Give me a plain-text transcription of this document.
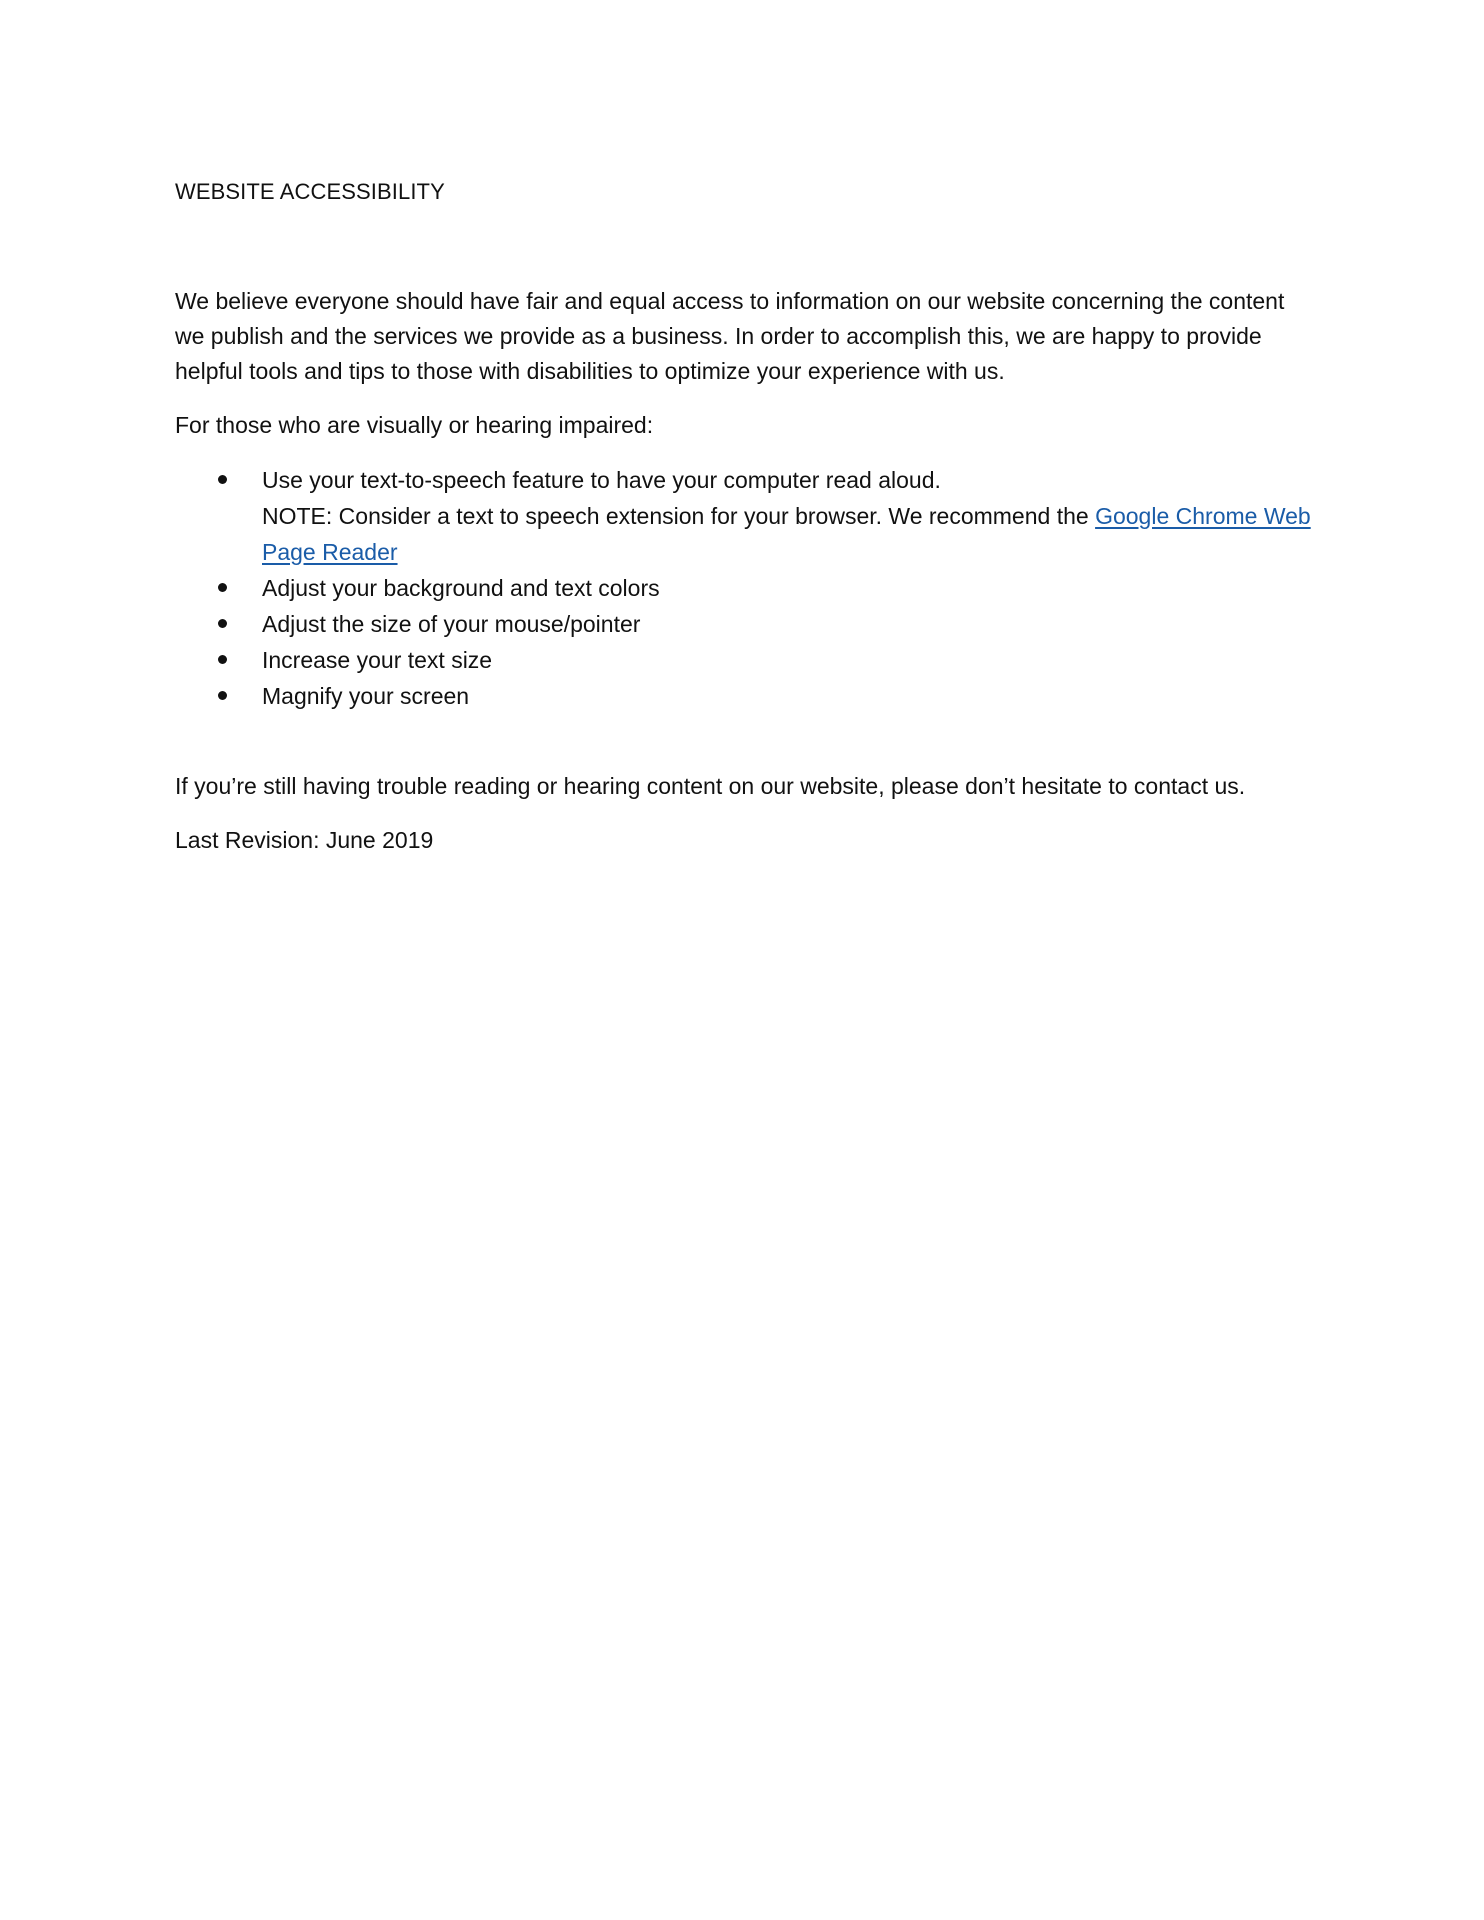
WEBSITE ACCESSIBILITY

We believe everyone should have fair and equal access to information on our website concerning the content we publish and the services we provide as a business. In order to accomplish this, we are happy to provide helpful tools and tips to those with disabilities to optimize your experience with us.

For those who are visually or hearing impaired:

Use your text-to-speech feature to have your computer read aloud.
NOTE: Consider a text to speech extension for your browser. We recommend the Google Chrome Web Page Reader
Adjust your background and text colors
Adjust the size of your mouse/pointer
Increase your text size
Magnify your screen

If you’re still having trouble reading or hearing content on our website, please don’t hesitate to contact us.

Last Revision: June 2019
